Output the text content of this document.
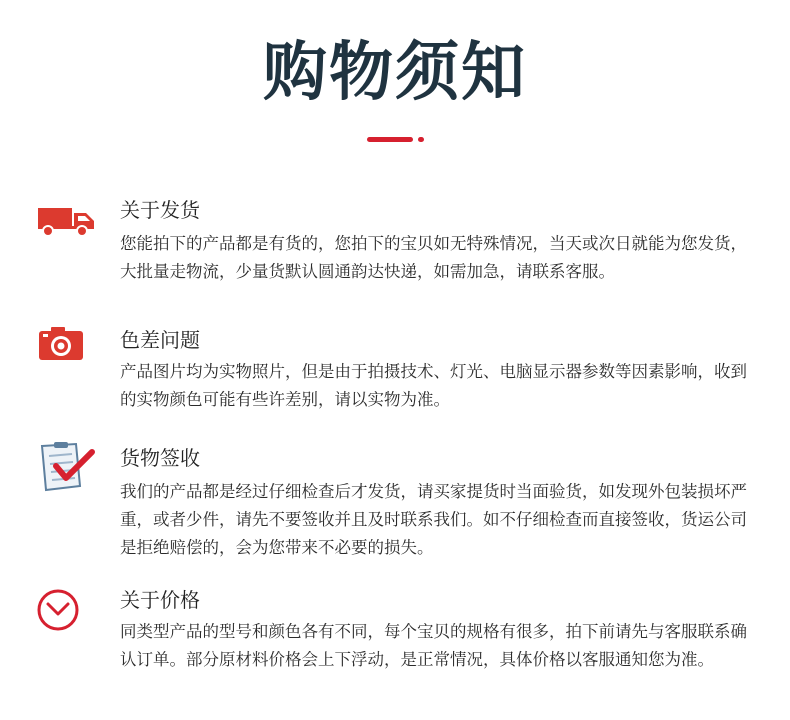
购物须知
关于发货

您能拍下的产品都是有货的，您拍下的宝贝如无特殊情况，当天或次日就能为您发货，大批量走物流，少量货默认圆通韵达快递，如需加急，请联系客服。

色差问题

产品图片均为实物照片，但是由于拍摄技术、灯光、电脑显示器参数等因素影响，收到的实物颜色可能有些许差别，请以实物为准。

货物签收

我们的产品都是经过仔细检查后才发货，请买家提货时当面验货，如发现外包装损坏严重，或者少件，请先不要签收并且及时联系我们。如不仔细检查而直接签收，货运公司是拒绝赔偿的，会为您带来不必要的损失。

关于价格

同类型产品的型号和颜色各有不同，每个宝贝的规格有很多，拍下前请先与客服联系确认订单。部分原材料价格会上下浮动，是正常情况，具体价格以客服通知您为准。
